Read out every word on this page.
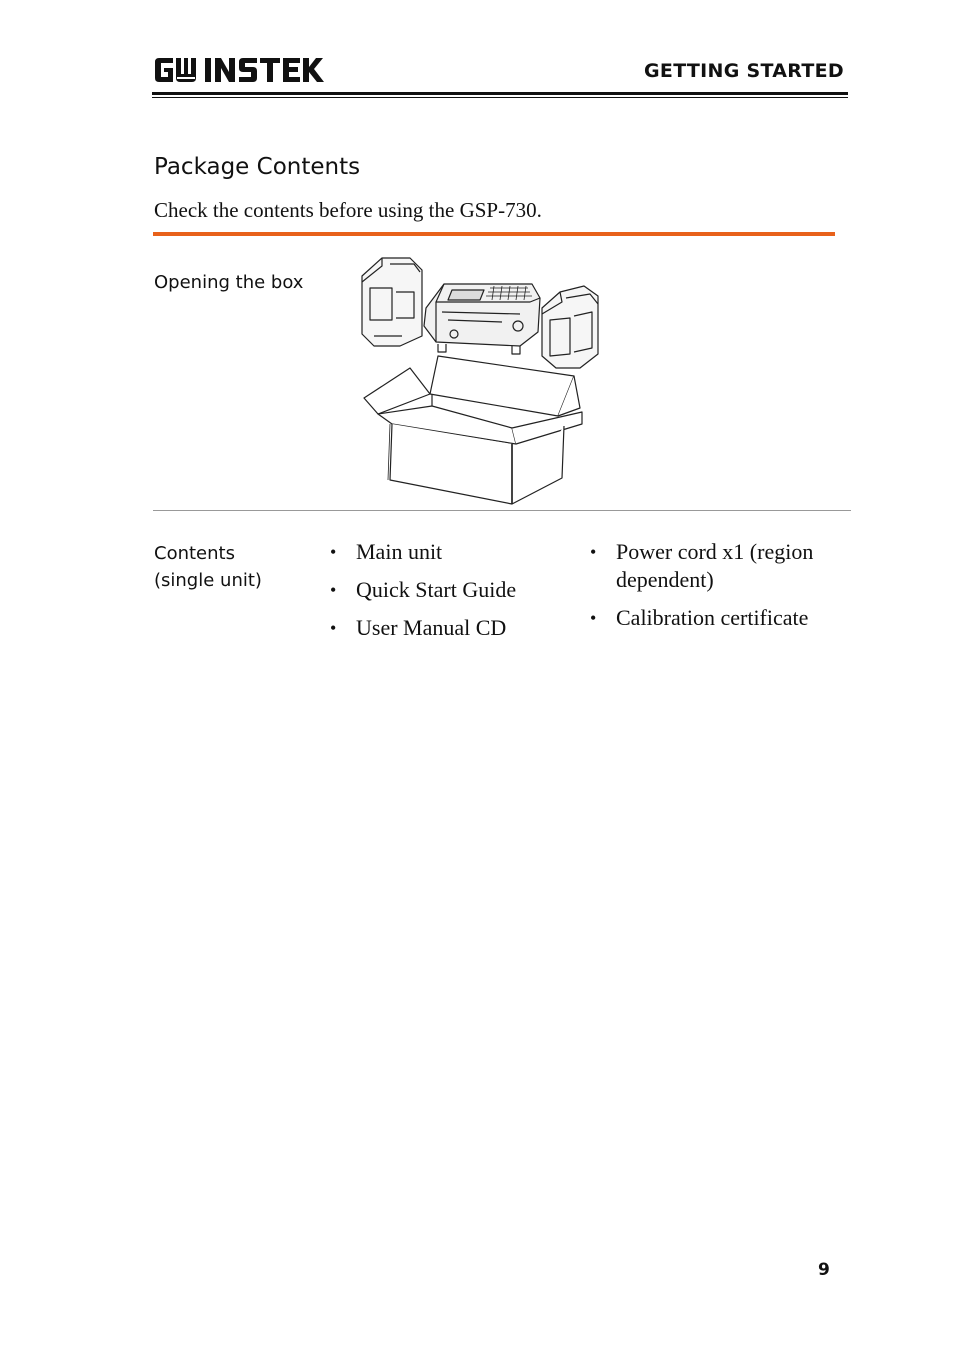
GETTING STARTED
Package Contents
Check the contents before using the GSP-730.
Opening the box
Contents
(single unit)
• Main unit
• Quick Start Guide
• User Manual CD
• Power cord x1 (region dependent)
• Calibration certificate
9
